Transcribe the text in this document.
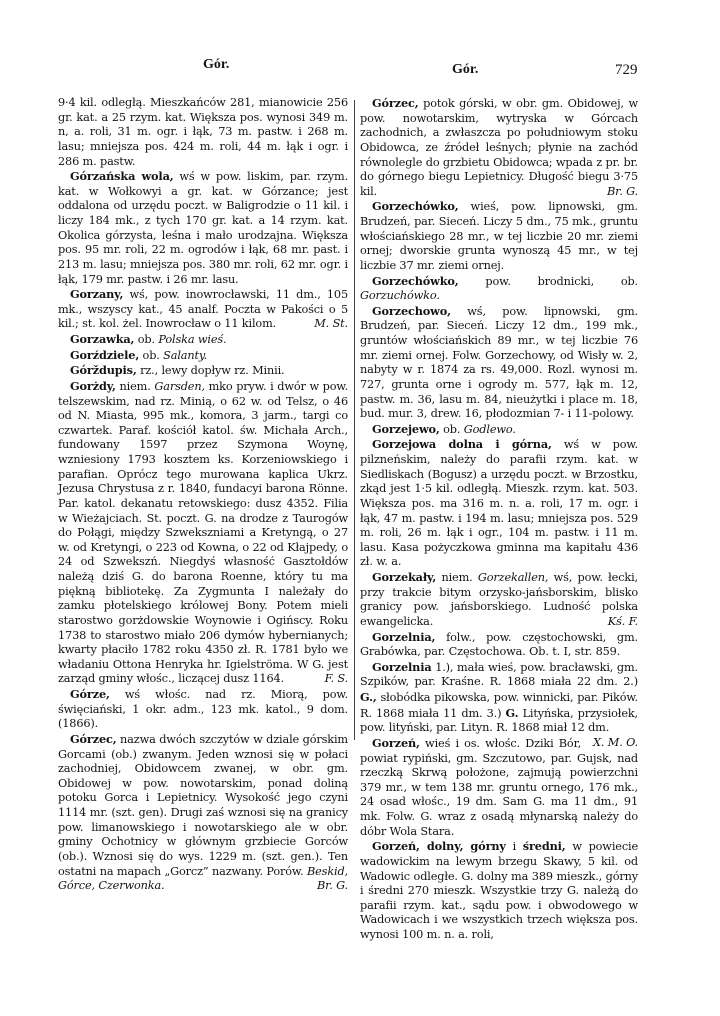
Gór.	Gór.	729

9·4 kil. odległą. Mieszkańców 281, mianowicie 256 gr. kat. a 25 rzym. kat. Większa pos. wynosi 349 m. n, a. roli, 31 m. ogr. i łąk, 73 m. pastw. i 268 m. lasu; mniejsza pos. 424 m. roli, 44 m. łąk i ogr. i 286 m. pastw.

Górzańska wola, wś w pow. liskim, par. rzym. kat. w Wołkowyi a gr. kat. w Górzance; jest oddalona od urzędu poczt. w Baligrodzie o 11 kil. i liczy 184 mk., z tych 170 gr. kat. a 14 rzym. kat. Okolica górzysta, leśna i mało urodzajna. Większa pos. 95 mr. roli, 22 m. ogrodów i łąk, 68 mr. past. i 213 m. lasu; mniejsza pos. 380 mr. roli, 62 mr. ogr. i łąk, 179 mr. pastw. i 26 mr. lasu.

Gorzany, wś, pow. inowrocławski, 11 dm., 105 mk., wszyscy kat., 45 analf. Poczta w Pakości o 5 kil.; st. kol. żel. Inowrocław o 11 kilom.	M. St.

Gorzawka, ob. Polska wieś.

Gorździele, ob. Salanty.

Górždupis, rz., lewy dopływ rz. Minii.

Gorżdy, niem. Garsden, mko pryw. i dwór w pow. telszewskim, nad rz. Minią, o 62 w. od Telsz, o 46 od N. Miasta, 995 mk., komora, 3 jarm., targi co czwartek. Paraf. kościół katol. św. Michała Arch., fundowany 1597 przez Szymona Woynę, wzniesiony 1793 kosztem ks. Korzeniowskiego i parafian. Oprócz tego murowana kaplica Ukrz. Jezusa Chrystusa z r. 1840, fundacyi barona Rönne. Par. katol. dekanatu retowskiego: dusz 4352. Filia w Wieżajciach. St. poczt. G. na drodze z Taurogów do Połągi, między Szwekszniami a Kretyngą, o 27 w. od Kretyngi, o 223 od Kowna, o 22 od Kłajpedy, o 24 od Szwekszń. Niegdyś własność Gasztołdów należą dziś G. do barona Roenne, który tu ma piękną bibliotekę. Za Zygmunta I należały do zamku płotelskiego królowej Bony. Potem mieli starostwo gorżdowskie Woynowie i Ogińscy. Roku 1738 to starostwo miało 206 dymów hybernianych; kwarty płaciło 1782 roku 4350 zł. R. 1781 było we władaniu Ottona Henryka hr. Igielströma. W G. jest zarząd gminy włośc., liczącej dusz 1164.	F. S.

Górze, wś włośc. nad rz. Miorą, pow. święciański, 1 okr. adm., 123 mk. katol., 9 dom. (1866).

Górzec, nazwa dwóch szczytów w dziale górskim Gorcami (ob.) zwanym. Jeden wznosi się w połaci zachodniej, Obidowcem zwanej, w obr. gm. Obidowej w pow. nowotarskim, ponad doliną potoku Gorca i Lepietnicy. Wysokość jego czyni 1114 mr. (szt. gen). Drugi zaś wznosi się na granicy pow. limanowskiego i nowotarskiego ale w obr. gminy Ochotnicy w głównym grzbiecie Gorców (ob.). Wznosi się do wys. 1229 m. (szt. gen.). Ten ostatni na mapach „Gorcz” nazwany. Porów. Beskid, Górce, Czerwonka.	Br. G.

Górzec, potok górski, w obr. gm. Obidowej, w pow. nowotarskim, wytryska w Górcach zachodnich, a zwłaszcza po południowym stoku Obidowca, ze źródeł leśnych; płynie na zachód równolegle do grzbietu Obidowca; wpada z pr. br. do górnego biegu Lepietnicy. Długość biegu 3·75 kil.	Br. G.

Gorzechówko, wieś, pow. lipnowski, gm. Brudzeń, par. Sieceń. Liczy 5 dm., 75 mk., gruntu włościańskiego 28 mr., w tej liczbie 20 mr. ziemi ornej; dworskie grunta wynoszą 45 mr., w tej liczbie 37 mr. ziemi ornej.

Gorzechówko, pow. brodnicki, ob. Gorzuchówko.

Gorzechowo, wś, pow. lipnowski, gm. Brudzeń, par. Sieceń. Liczy 12 dm., 199 mk., gruntów włościańskich 89 mr., w tej liczbie 76 mr. ziemi ornej. Folw. Gorzechowy, od Wisły w. 2, nabyty w r. 1874 za rs. 49,000. Rozl. wynosi m. 727, grunta orne i ogrody m. 577, łąk m. 12, pastw. m. 36, lasu m. 84, nieużytki i place m. 18, bud. mur. 3, drew. 16, płodozmian 7- i 11-polowy.

Gorzejewo, ob. Godlewo.

Gorzejowa dolna i górna, wś w pow. pilzneńskim, należy do parafii rzym. kat. w Siedliskach (Bogusz) a urzędu poczt. w Brzostku, zkąd jest 1·5 kil. odległą. Mieszk. rzym. kat. 503. Większa pos. ma 316 m. n. a. roli, 17 m. ogr. i łąk, 47 m. pastw. i 194 m. lasu; mniejsza pos. 529 m. roli, 26 m. łąk i ogr., 104 m. pastw. i 11 m. lasu. Kasa pożyczkowa gminna ma kapitału 436 zł. w. a.

Gorzekały, niem. Gorzekallen, wś, pow. łecki, przy trakcie bitym orzysko-jańsborskim, blisko granicy pow. jańsborskiego. Ludność polska ewangelicka.	Kś. F.

Gorzelnia, folw., pow. częstochowski, gm. Grabówka, par. Częstochowa. Ob. t. I, str. 859.

Gorzelnia 1.), mała wieś, pow. bracławski, gm. Szpików, par. Kraśne. R. 1868 miała 22 dm. 2.) G., słobódka pikowska, pow. winnicki, par. Pików. R. 1868 miała 11 dm. 3.) G. Lityńska, przysiołek, pow. lityński, par. Lityn. R. 1868 miał 12 dm.
X. M. O.

Gorzeń, wieś i os. włośc. Dziki Bór, powiat rypiński, gm. Szczutowo, par. Gujsk, nad rzeczką Skrwą położone, zajmują powierzchni 379 mr., w tem 138 mr. gruntu ornego, 176 mk., 24 osad włośc., 19 dm. Sam G. ma 11 dm., 91 mk. Folw. G. wraz z osadą młynarską należy do dóbr Wola Stara.

Gorzeń, dolny, górny i średni, w powiecie wadowickim na lewym brzegu Skawy, 5 kil. od Wadowic odległe. G. dolny ma 389 mieszk., górny i średni 270 mieszk. Wszystkie trzy G. należą do parafii rzym. kat., sądu pow. i obwodowego w Wadowicach i we wszystkich trzech większa pos. wynosi 100 m. n. a. roli,
